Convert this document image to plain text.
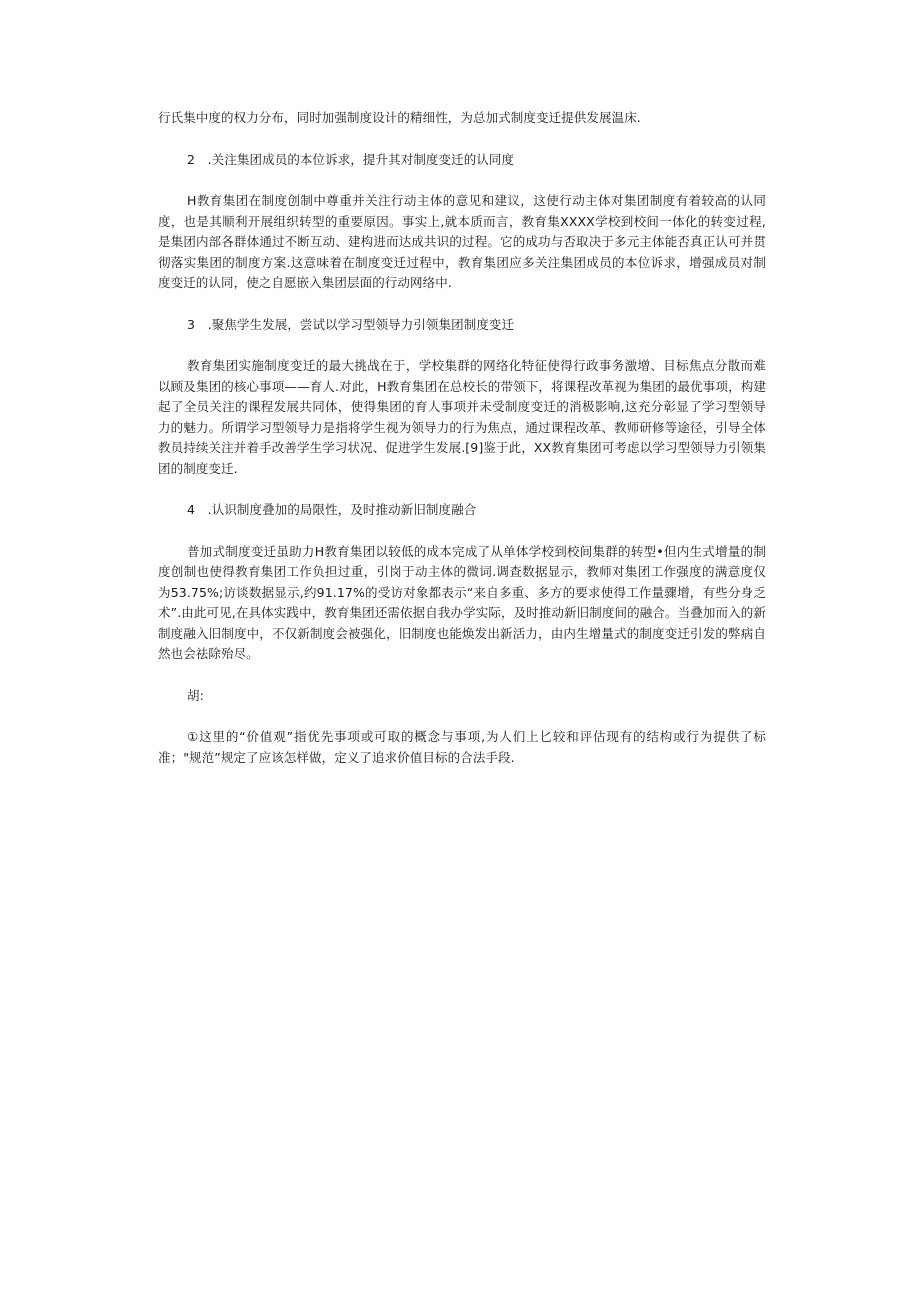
行氏集中度的权力分布，同时加强制度设计的精细性，为总加式制度变迁提供发展温床.

2　.关注集团成员的本位诉求，提升其对制度变迁的认同度

H教育集团在制度创制中尊重并关注行动主体的意见和建议，这使行动主体对集团制度有着较高的认同度，也是其顺利开展组织转型的重要原因。事实上,就本质而言，教育集XXXX学校到校间一体化的转变过程,是集团内部各群体通过不断互动、建构进而达成共识的过程。它的成功与否取决于多元主体能否真正认可并贯彻落实集团的制度方案.这意味着在制度变迁过程中，教育集团应多关注集团成员的本位诉求，增强成员对制度变迁的认同，使之自愿嵌入集团层面的行动网络中.

3　.聚焦学生发展，尝试以学习型领导力引领集团制度变迁

教育集团实施制度变迁的最大挑战在于，学校集群的网络化特征使得行政事务激增、目标焦点分散而难以顾及集团的核心事项——育人.对此，H教育集团在总校长的带领下，将课程改革视为集团的最优事项，构建起了全员关注的课程发展共同体，使得集团的育人事项并未受制度变迁的消极影响,这充分彰显了学习型领导力的魅力。所谓学习型领导力是指将学生视为领导力的行为焦点，通过课程改革、教师研修等途径，引导全体教员持续关注并着手改善学生学习状况、促进学生发展.[9]鉴于此，XX教育集团可考虑以学习型领导力引领集团的制度变迁.

4　.认识制度叠加的局限性，及时推动新旧制度融合

普加式制度变迁虽助力H教育集团以较低的成本完成了从单体学校到校间集群的转型•但内生式增量的制度创制也使得教育集团工作负担过重，引岗于动主体的微词.调查数据显示，教师对集团工作强度的满意度仅为53.75%;访谈数据显示,约91.17%的受访对象都表示“来自多重、多方的要求使得工作量骤增，有些分身乏术”.由此可见,在具体实践中，教育集团还需依据自我办学实际，及时推动新旧制度间的融合。当叠加而入的新制度融入旧制度中，不仅新制度会被强化，旧制度也能焕发出新活力，由内生增量式的制度变迁引发的弊病自然也会祛除殆尽。

胡:

①这里的“价值观”指优先事项或可取的概念与事项,为人们上匕较和评估现有的结构或行为提供了标准；"规范”规定了应该怎样做，定义了追求价值目标的合法手段.
